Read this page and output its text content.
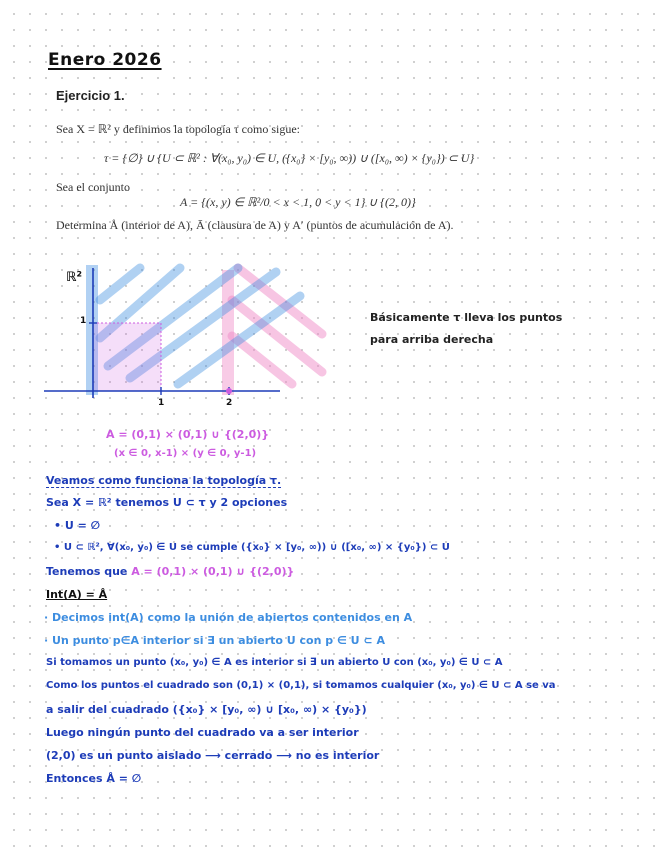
Enero 2026
Ejercicio 1.
Sea X = ℝ² y definimos la topología τ como sigue:
τ = {∅} ∪ {U ⊂ ℝ² : ∀(x₀, y₀) ∈ U, ({x₀} × [y₀, ∞)) ∪ ([x₀, ∞) × {y₀}) ⊂ U}
Sea el conjunto
A = {(x, y) ∈ ℝ²/0 < x < 1, 0 < y < 1} ∪ {(2, 0)}
Determina Å (interior de A), Ā (clausura de A) y A′ (puntos de acumulación de A).
ℝ²
1
1	2
A = (0,1) × (0,1) ∪ {(2,0)}
(x ∈ 0, x-1) × (y ∈ 0, y-1)
Básicamente τ lleva los puntos
para arriba derecha
Veamos como funciona la topología τ.
Sea X = ℝ² tenemos U ⊂ τ y 2 opciones
• U = ∅
• U ⊂ ℝ², ∀(x₀, y₀) ∈ U se cumple ({x₀} × [y₀, ∞)) ∪ ([x₀, ∞) × {y₀}) ⊂ U
Tenemos que A = (0,1) × (0,1) ∪ {(2,0)}
Int(A) = Å
· Decimos int(A) como la unión de abiertos contenidos en A
· Un punto p∈A interior si ∃ un abierto U con p ∈ U ⊂ A
Si tomamos un punto (x₀, y₀) ∈ A es interior si ∃ un abierto U con (x₀, y₀) ∈ U ⊂ A
Como los puntos el cuadrado son (0,1) × (0,1), si tomamos cualquier (x₀, y₀) ∈ U ⊂ A se va
a salir del cuadrado ({x₀} × [y₀, ∞) ∪ [x₀, ∞) × {y₀})
Luego ningún punto del cuadrado va a ser interior
(2,0) es un punto aislado ⟶ cerrado ⟶ no es interior
Entonces Å = ∅
